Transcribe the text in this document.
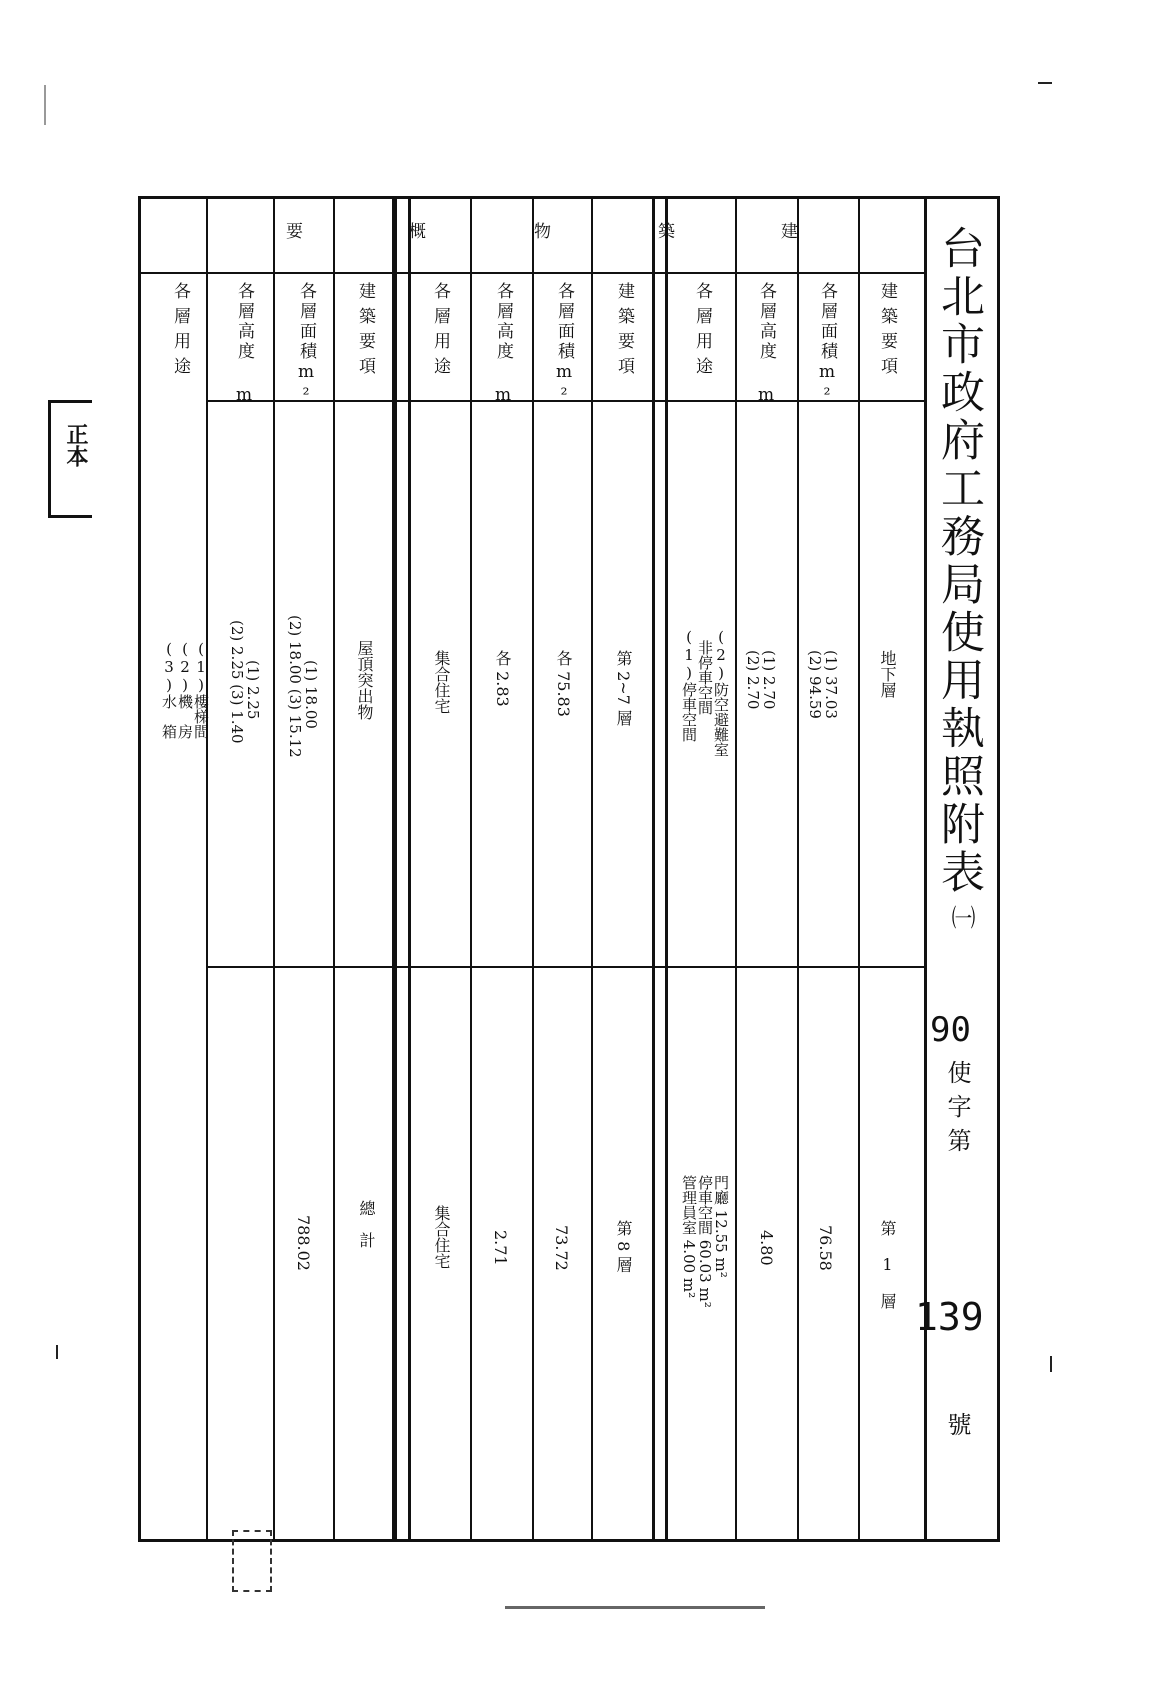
台北市政府工務局使用執照附表
㈠
90
使字第
139
號
建
築
物
概
要
建築要項
各層面積m²
各層高度 m
各層用途
地下層
(1) 37.03
(2) 94.59
(1) 2.70
(2) 2.70
(1)停車空間
非停車空間
(2)防空避難室
第 1 層
76.58
4.80
門廳 12.55 m²
停車空間 60.03 m²
管理員室 4.00 m²
建築要項
各層面積m²
各層高度 m
各層用途
第 2~7 層
各 75.83
各 2.83
集合住宅
第 8 層
73.72
2.71
集合住宅
建築要項
各層面積m²
各層高度 m
各層用途
屋頂突出物
(1) 18.00
(2) 18.00 (3) 15.12
(1) 2.25
(2) 2.25 (3) 1.40
(1)樓梯間
(2)機　房
(3)水　箱
總　計
788.02
正本
